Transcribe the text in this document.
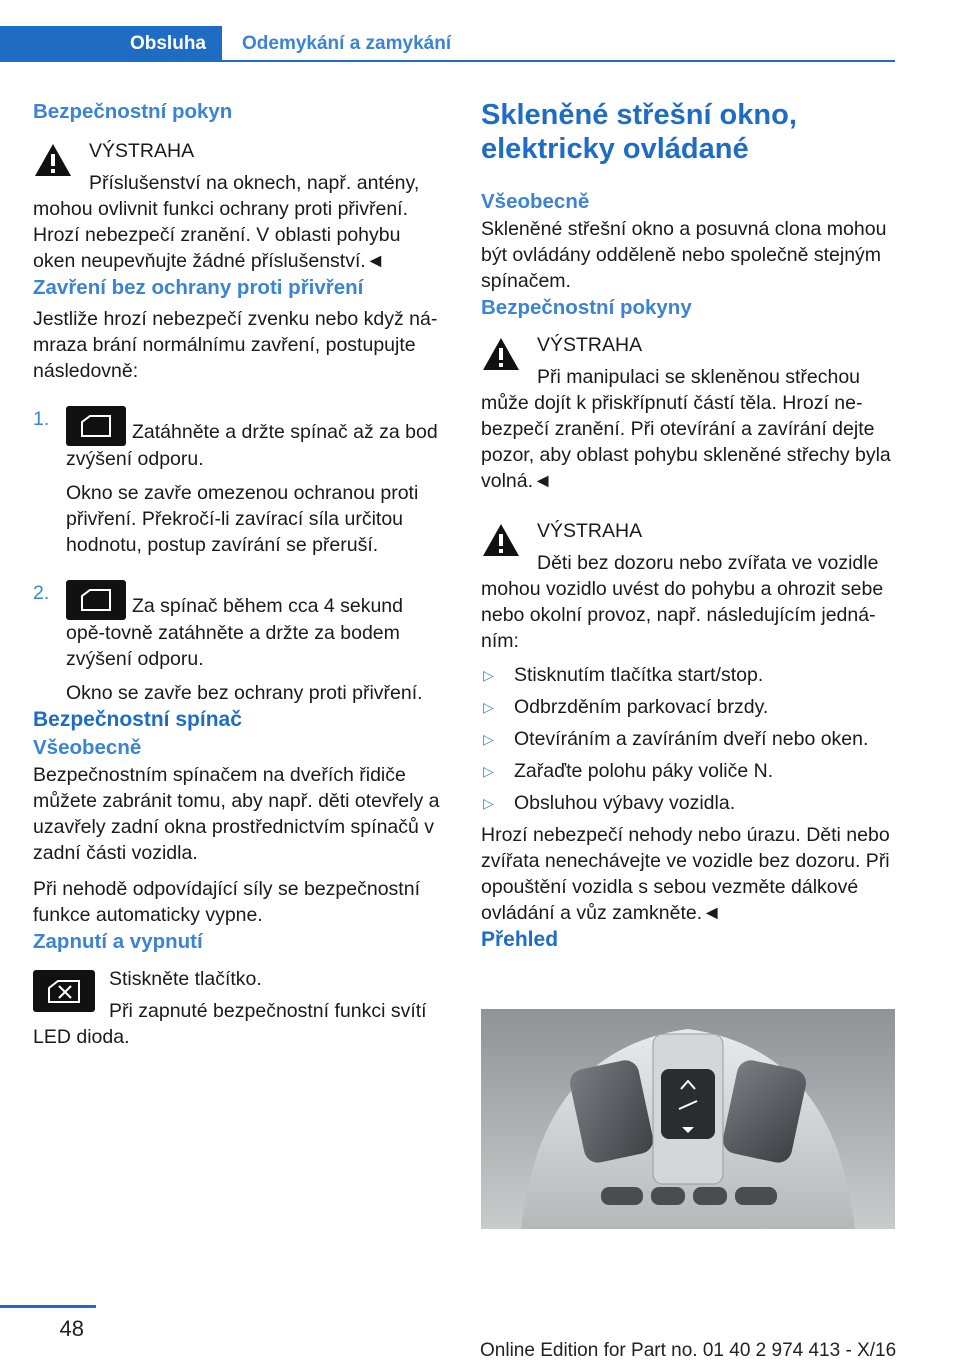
Obsluha	Odemykání a zamykání
Bezpečnostní pokyn

VÝSTRAHA

Příslušenství na oknech, např. antény, mohou ovlivnit funkci ochrany proti přivření. Hrozí nebezpečí zranění. V oblasti pohybu oken neupevňujte žádné příslušenství.◄

Zavření bez ochrany proti přivření

Jestliže hrozí nebezpečí zvenku nebo když ná‐mraza brání normálnímu zavření, postupujte následovně:

1.
Zatáhněte a držte spínač až za bod zvýšení odporu.

Okno se zavře omezenou ochranou proti přivření. Překročí-li zavírací síla určitou hodnotu, postup zavírání se přeruší.

2.
Za spínač během cca 4 sekund opě‐tovně zatáhněte a držte za bodem zvýšení odporu.

Okno se zavře bez ochrany proti přivření.

Bezpečnostní spínač
Všeobecně

Bezpečnostním spínačem na dveřích řidiče můžete zabránit tomu, aby např. děti otevřely a uzavřely zadní okna prostřednictvím spínačů v zadní části vozidla.

Při nehodě odpovídající síly se bezpečnostní funkce automaticky vypne.

Zapnutí a vypnutí

Stiskněte tlačítko.

Při zapnuté bezpečnostní funkci svítí LED dioda.

Skleněné střešní okno, elektricky ovládané
Všeobecně

Skleněné střešní okno a posuvná clona mohou být ovládány odděleně nebo společně stejným spínačem.

Bezpečnostní pokyny

VÝSTRAHA

Při manipulaci se skleněnou střechou může dojít k přiskřípnutí částí těla. Hrozí ne‐bezpečí zranění. Při otevírání a zavírání dejte pozor, aby oblast pohybu skleněné střechy byla volná.◄

VÝSTRAHA

Děti bez dozoru nebo zvířata ve vozidle mohou vozidlo uvést do pohybu a ohrozit sebe nebo okolní provoz, např. následujícím jedná‐ním:

▷ Stisknutím tlačítka start/stop.
▷ Odbrzděním parkovací brzdy.
▷ Otevíráním a zavíráním dveří nebo oken.
▷ Zařaďte polohu páky voliče N.
▷ Obsluhou výbavy vozidla.

Hrozí nebezpečí nehody nebo úrazu. Děti nebo zvířata nenechávejte ve vozidle bez dozoru. Při opouštění vozidla s sebou vezměte dálkové ovládání a vůz zamkněte.◄

Přehled
48
Online Edition for Part no. 01 40 2 974 413 - X/16
